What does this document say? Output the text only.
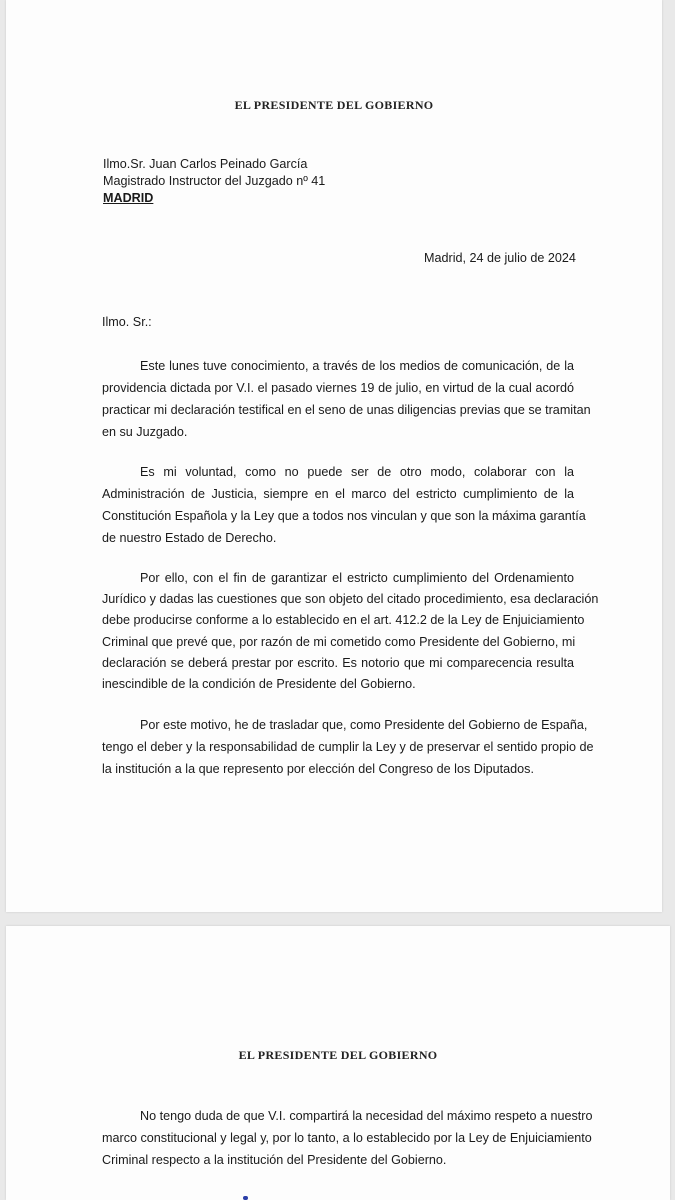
EL PRESIDENTE DEL GOBIERNO

Ilmo.Sr. Juan Carlos Peinado García

Magistrado Instructor del Juzgado nº 41

MADRID

Madrid, 24 de julio de 2024

Ilmo. Sr.:

Este lunes tuve conocimiento, a través de los medios de comunicación, de la

providencia dictada por V.I. el pasado viernes 19 de julio, en virtud de la cual acordó

practicar mi declaración testifical en el seno de unas diligencias previas que se tramitan

en su Juzgado.

Es mi voluntad, como no puede ser de otro modo, colaborar con la

Administración de Justicia, siempre en el marco del estricto cumplimiento de la

Constitución Española y la Ley que a todos nos vinculan y que son la máxima garantía

de nuestro Estado de Derecho.

Por ello, con el fin de garantizar el estricto cumplimiento del Ordenamiento

Jurídico y dadas las cuestiones que son objeto del citado procedimiento, esa declaración

debe producirse conforme a lo establecido en el art. 412.2 de la Ley de Enjuiciamiento

Criminal que prevé que, por razón de mi cometido como Presidente del Gobierno, mi

declaración se deberá prestar por escrito. Es notorio que mi comparecencia resulta

inescindible de la condición de Presidente del Gobierno.

Por este motivo, he de trasladar que, como Presidente del Gobierno de España,

tengo el deber y la responsabilidad de cumplir la Ley y de preservar el sentido propio de

la institución a la que represento por elección del Congreso de los Diputados.

EL PRESIDENTE DEL GOBIERNO

No tengo duda de que V.I. compartirá la necesidad del máximo respeto a nuestro

marco constitucional y legal y, por lo tanto, a lo establecido por la Ley de Enjuiciamiento

Criminal respecto a la institución del Presidente del Gobierno.
